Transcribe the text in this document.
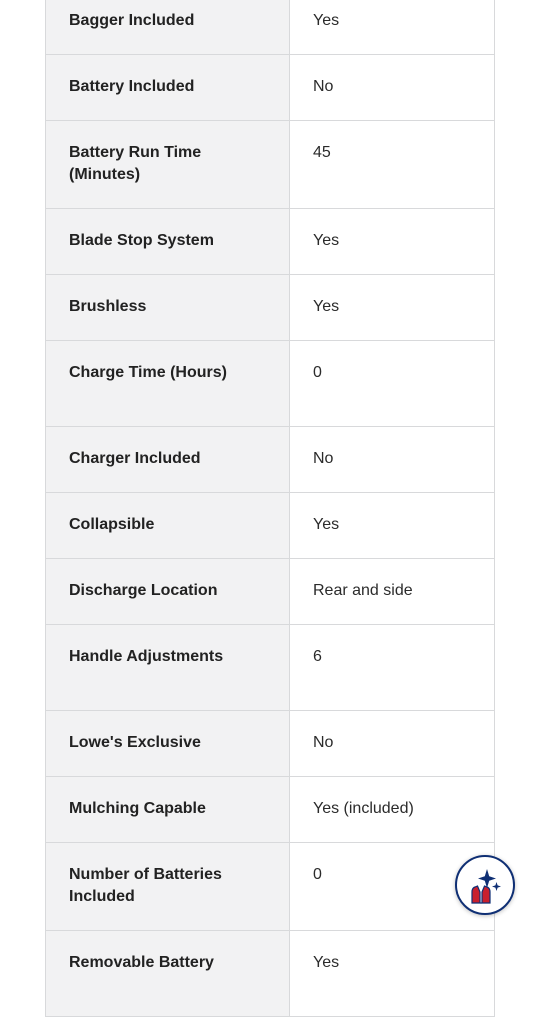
Bagger Included	Yes
Battery Included	No
Battery Run Time (Minutes)	45
Blade Stop System	Yes
Brushless	Yes
Charge Time (Hours)	0
Charger Included	No
Collapsible	Yes
Discharge Location	Rear and side
Handle Adjustments	6
Lowe's Exclusive	No
Mulching Capable	Yes (included)
Number of Batteries Included	0
Removable Battery	Yes
